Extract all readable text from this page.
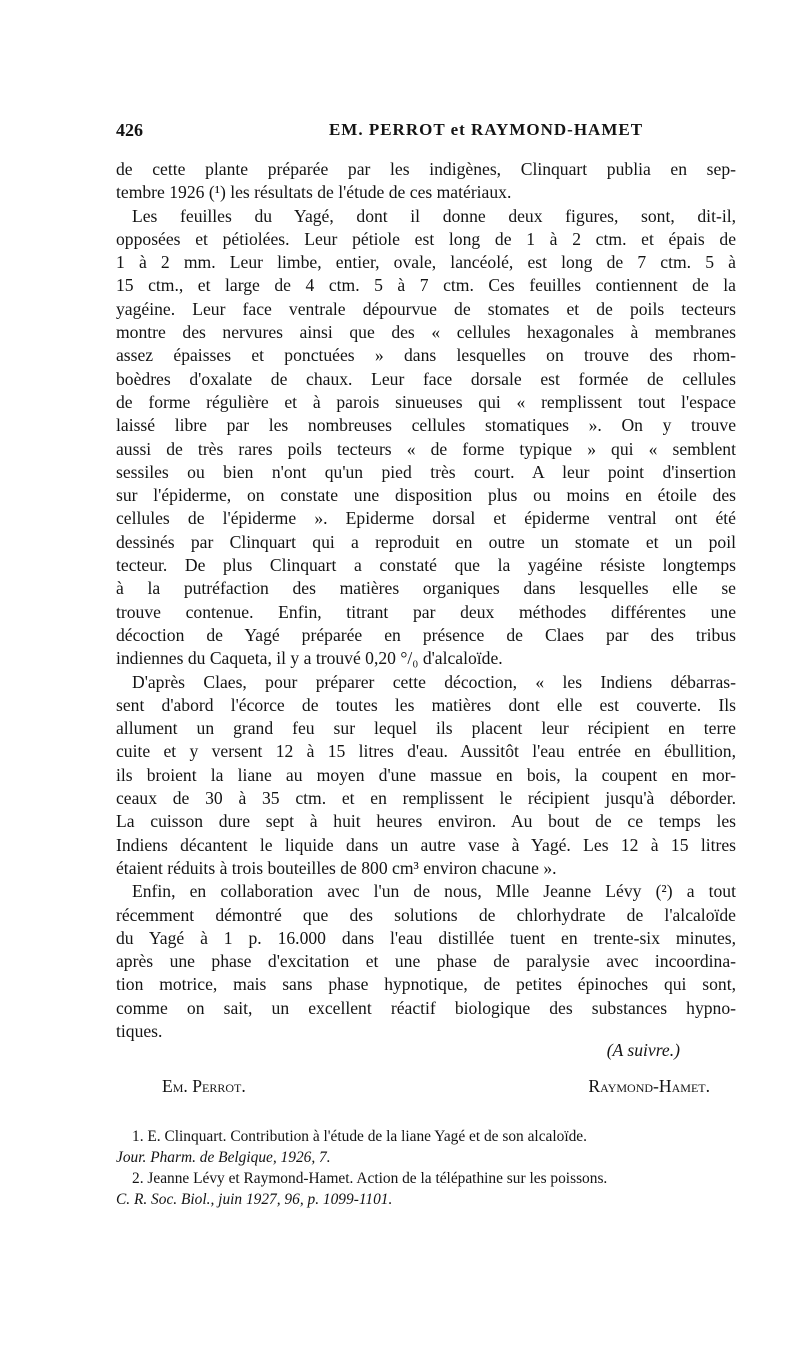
426	EM. PERROT et RAYMOND-HAMET
de cette plante préparée par les indigènes, Clinquart publia en sep-
tembre 1926 (¹) les résultats de l'étude de ces matériaux.
Les feuilles du Yagé, dont il donne deux figures, sont, dit-il,
opposées et pétiolées. Leur pétiole est long de 1 à 2 ctm. et épais de
1 à 2 mm. Leur limbe, entier, ovale, lancéolé, est long de 7 ctm. 5 à
15 ctm., et large de 4 ctm. 5 à 7 ctm. Ces feuilles contiennent de la
yagéine. Leur face ventrale dépourvue de stomates et de poils tecteurs
montre des nervures ainsi que des « cellules hexagonales à membranes
assez épaisses et ponctuées » dans lesquelles on trouve des rhom-
boèdres d'oxalate de chaux. Leur face dorsale est formée de cellules
de forme régulière et à parois sinueuses qui « remplissent tout l'espace
laissé libre par les nombreuses cellules stomatiques ». On y trouve
aussi de très rares poils tecteurs « de forme typique » qui « semblent
sessiles ou bien n'ont qu'un pied très court. A leur point d'insertion
sur l'épiderme, on constate une disposition plus ou moins en étoile des
cellules de l'épiderme ». Epiderme dorsal et épiderme ventral ont été
dessinés par Clinquart qui a reproduit en outre un stomate et un poil
tecteur. De plus Clinquart a constaté que la yagéine résiste longtemps
à la putréfaction des matières organiques dans lesquelles elle se
trouve contenue. Enfin, titrant par deux méthodes différentes une
décoction de Yagé préparée en présence de Claes par des tribus
indiennes du Caqueta, il y a trouvé 0,20 °/₀ d'alcaloïde.
D'après Claes, pour préparer cette décoction, « les Indiens débarras-
sent d'abord l'écorce de toutes les matières dont elle est couverte. Ils
allument un grand feu sur lequel ils placent leur récipient en terre
cuite et y versent 12 à 15 litres d'eau. Aussitôt l'eau entrée en ébullition,
ils broient la liane au moyen d'une massue en bois, la coupent en mor-
ceaux de 30 à 35 ctm. et en remplissent le récipient jusqu'à déborder.
La cuisson dure sept à huit heures environ. Au bout de ce temps les
Indiens décantent le liquide dans un autre vase à Yagé. Les 12 à 15 litres
étaient réduits à trois bouteilles de 800 cm³ environ chacune ».
Enfin, en collaboration avec l'un de nous, Mlle Jeanne Lévy (²) a tout
récemment démontré que des solutions de chlorhydrate de l'alcaloïde
du Yagé à 1 p. 16.000 dans l'eau distillée tuent en trente-six minutes,
après une phase d'excitation et une phase de paralysie avec incoordina-
tion motrice, mais sans phase hypnotique, de petites épinoches qui sont,
comme on sait, un excellent réactif biologique des substances hypno-
tiques.
(A suivre.)
Em. Perrot.	Raymond-Hamet.
1. E. Clinquart. Contribution à l'étude de la liane Yagé et de son alcaloïde.
Jour. Pharm. de Belgique, 1926, 7.
2. Jeanne Lévy et Raymond-Hamet. Action de la télépathine sur les poissons.
C. R. Soc. Biol., juin 1927, 96, p. 1099-1101.
